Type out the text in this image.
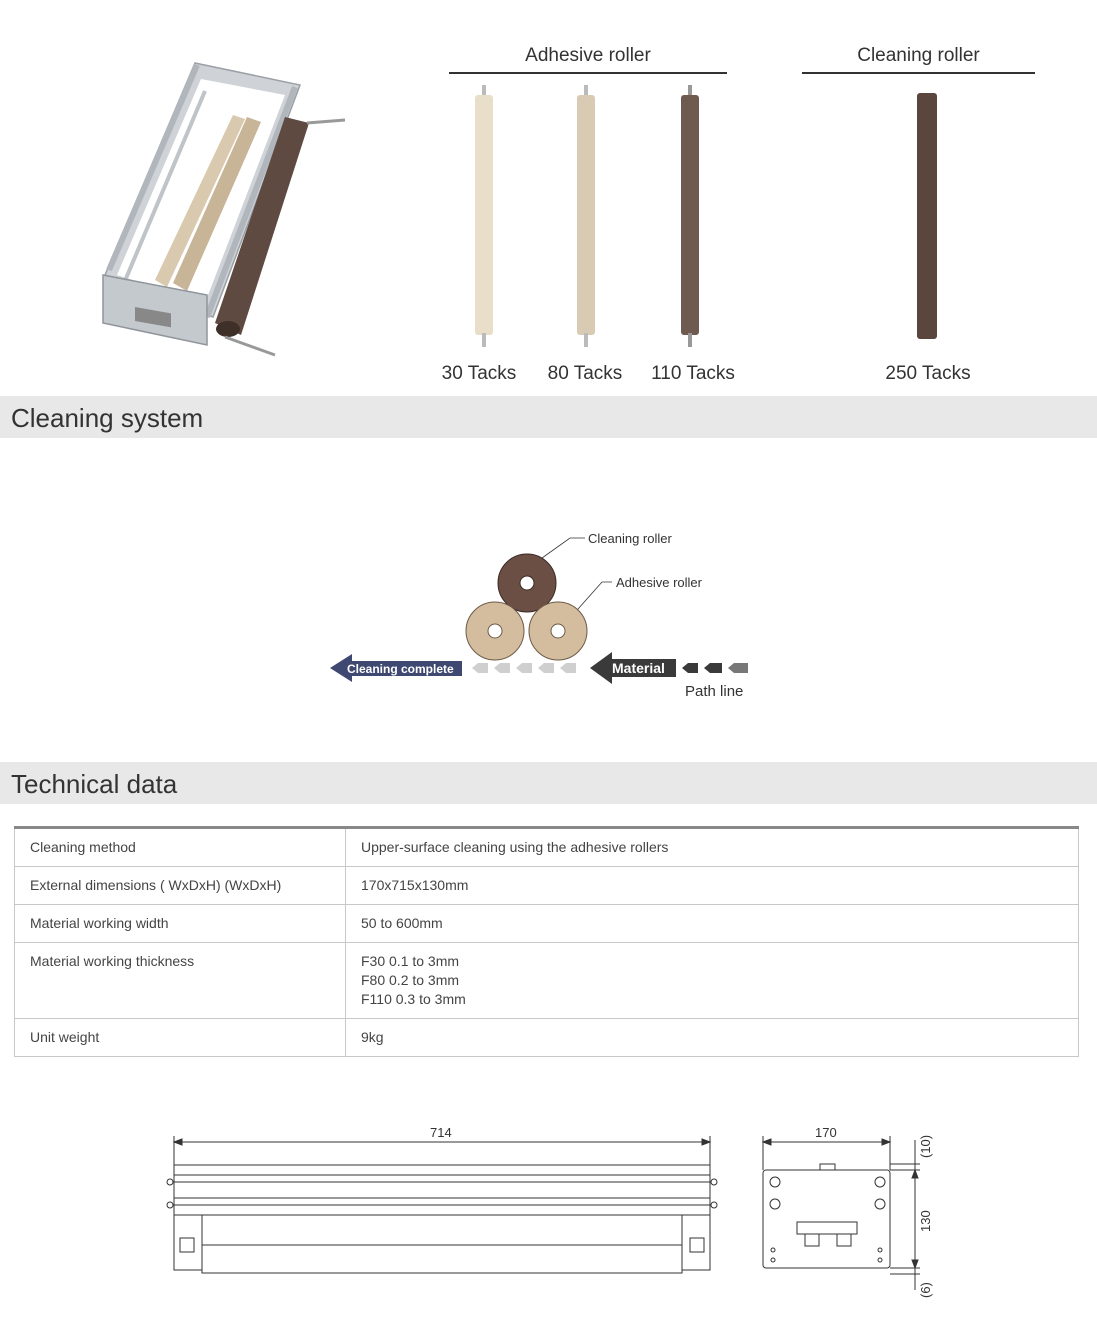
Adhesive roller	Cleaning roller
30 Tacks	80 Tacks	110 Tacks	250 Tacks
Cleaning system
Cleaning roller
Adhesive roller
Cleaning complete	Material
Path line
Technical data
Cleaning method	Upper-surface cleaning using the adhesive rollers

External dimensions ( WxDxH) (WxDxH)	170x715x130mm

Material working width	50 to 600mm

Material working thickness	F30 0.1 to 3mm
F80 0.2 to 3mm
F110 0.3 to 3mm

Unit weight	9kg
714	170
130
(10)
(6)
